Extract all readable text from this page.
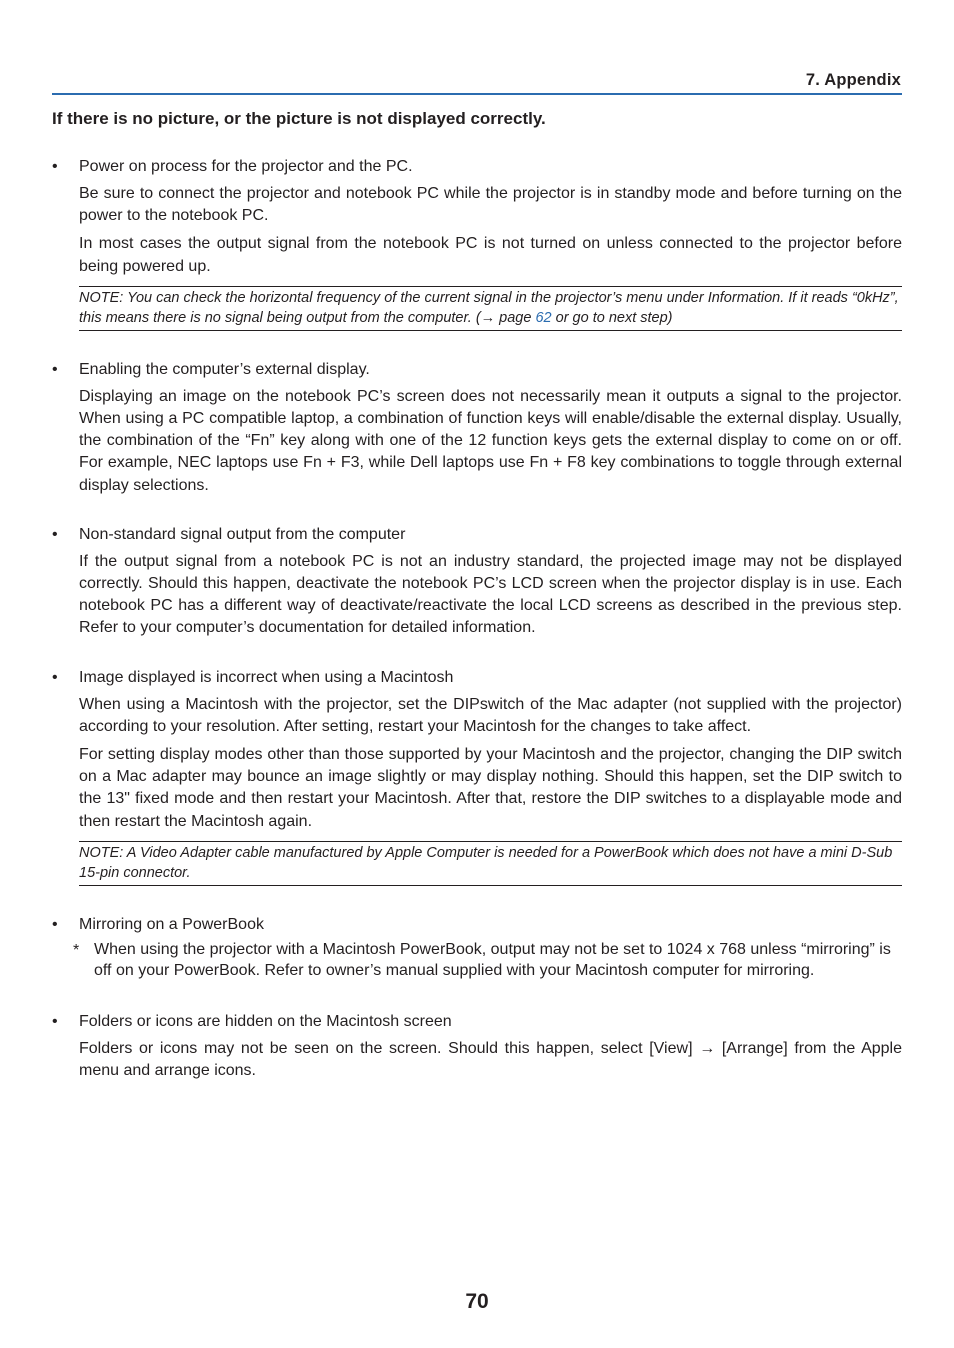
7. Appendix
If there is no picture, or the picture is not displayed correctly.
• Power on process for the projector and the PC.

Be sure to connect the projector and notebook PC while the projector is in standby mode and before turning on the power to the notebook PC.

In most cases the output signal from the notebook PC is not turned on unless connected to the projector before being powered up.

NOTE: You can check the horizontal frequency of the current signal in the projector’s menu under Information. If it reads “0kHz”, this means there is no signal being output from the computer. (→ page 62 or go to next step)
• Enabling the computer’s external display.

Displaying an image on the notebook PC’s screen does not necessarily mean it outputs a signal to the projector. When using a PC compatible laptop, a combination of function keys will enable/disable the external display. Usually, the combination of the “Fn” key along with one of the 12 function keys gets the external display to come on or off. For example, NEC laptops use Fn + F3, while Dell laptops use Fn + F8 key combinations to toggle through external display selections.

• Non-standard signal output from the computer

If the output signal from a notebook PC is not an industry standard, the projected image may not be displayed correctly. Should this happen, deactivate the notebook PC’s LCD screen when the projector display is in use. Each notebook PC has a different way of deactivate/reactivate the local LCD screens as described in the previous step. Refer to your computer’s documentation for detailed information.

• Image displayed is incorrect when using a Macintosh

When using a Macintosh with the projector, set the DIPswitch of the Mac adapter (not supplied with the projector) according to your resolution. After setting, restart your Macintosh for the changes to take affect.

For setting display modes other than those supported by your Macintosh and the projector, changing the DIP switch on a Mac adapter may bounce an image slightly or may display nothing. Should this happen, set the DIP switch to the 13" fixed mode and then restart your Macintosh. After that, restore the DIP switches to a displayable mode and then restart the Macintosh again.

NOTE: A Video Adapter cable manufactured by Apple Computer is needed for a PowerBook which does not have a mini D-Sub 15-pin connector.
• Mirroring on a PowerBook
* When using the projector with a Macintosh PowerBook, output may not be set to 1024 x 768 unless “mirroring” is off on your PowerBook. Refer to owner’s manual supplied with your Macintosh computer for mirroring.
• Folders or icons are hidden on the Macintosh screen

Folders or icons may not be seen on the screen. Should this happen, select [View] → [Arrange] from the Apple menu and arrange icons.

70
